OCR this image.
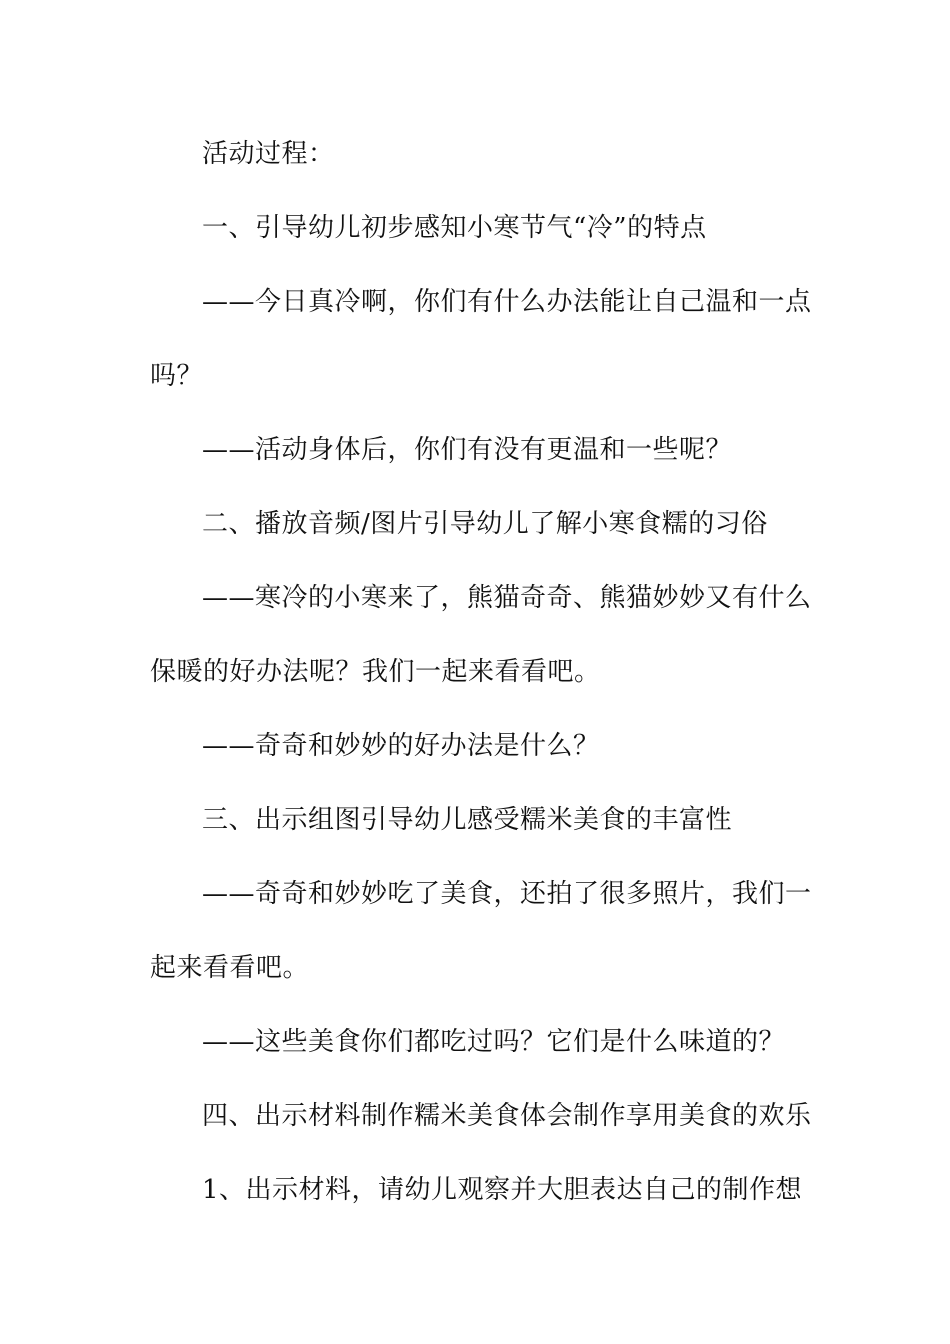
活动过程：
一、引导幼儿初步感知小寒节气“冷”的特点
——今日真冷啊，你们有什么办法能让自己温和一点
吗？
——活动身体后，你们有没有更温和一些呢？
二、播放音频/图片引导幼儿了解小寒食糯的习俗
——寒冷的小寒来了，熊猫奇奇、熊猫妙妙又有什么
保暖的好办法呢？我们一起来看看吧。
——奇奇和妙妙的好办法是什么？
三、出示组图引导幼儿感受糯米美食的丰富性
——奇奇和妙妙吃了美食，还拍了很多照片，我们一
起来看看吧。
——这些美食你们都吃过吗？它们是什么味道的？
四、出示材料制作糯米美食体会制作享用美食的欢乐
1、出示材料，请幼儿观察并大胆表达自己的制作想
